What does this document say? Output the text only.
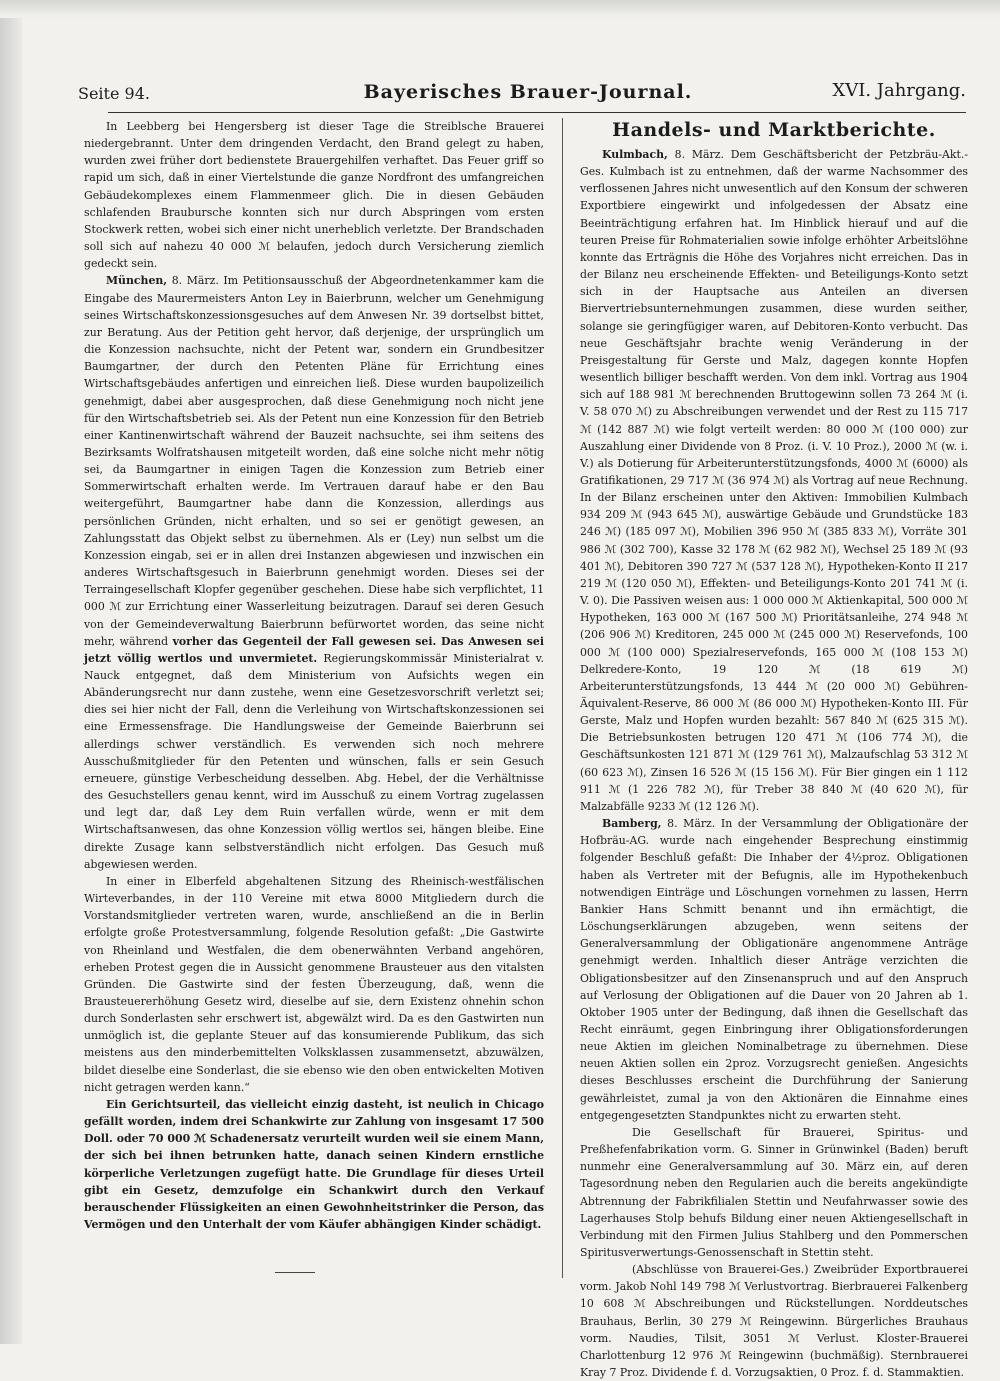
Seite 94.	Bayerisches Brauer-Journal.	XVI. Jahrgang.

In Leebberg bei Hengersberg ist dieser Tage die Streiblsche Brauerei niedergebrannt. Unter dem dringenden Verdacht, den Brand gelegt zu haben, wurden zwei früher dort bedienstete Brauergehilfen verhaftet. Das Feuer griff so rapid um sich, daß in einer Viertelstunde die ganze Nordfront des umfangreichen Gebäudekomplexes einem Flammenmeer glich. Die in diesen Gebäuden schlafenden Braubursche konnten sich nur durch Abspringen vom ersten Stockwerk retten, wobei sich einer nicht unerheblich verletzte. Der Brandschaden soll sich auf nahezu 40 000 ℳ belaufen, jedoch durch Versicherung ziemlich gedeckt sein.

München, 8. März. Im Petitionsausschuß der Abgeordnetenkammer kam die Eingabe des Maurermeisters Anton Ley in Baierbrunn, welcher um Genehmigung seines Wirtschaftskonzessionsgesuches auf dem Anwesen Nr. 39 dortselbst bittet, zur Beratung. Aus der Petition geht hervor, daß derjenige, der ursprünglich um die Konzession nachsuchte, nicht der Petent war, sondern ein Grundbesitzer Baumgartner, der durch den Petenten Pläne für Errichtung eines Wirtschaftsgebäudes anfertigen und einreichen ließ. Diese wurden baupolizeilich genehmigt, dabei aber ausgesprochen, daß diese Genehmigung noch nicht jene für den Wirtschaftsbetrieb sei. Als der Petent nun eine Konzession für den Betrieb einer Kantinenwirtschaft während der Bauzeit nachsuchte, sei ihm seitens des Bezirksamts Wolfratshausen mitgeteilt worden, daß eine solche nicht mehr nötig sei, da Baumgartner in einigen Tagen die Konzession zum Betrieb einer Sommerwirtschaft erhalten werde. Im Vertrauen darauf habe er den Bau weitergeführt, Baumgartner habe dann die Konzession, allerdings aus persönlichen Gründen, nicht erhalten, und so sei er genötigt gewesen, an Zahlungsstatt das Objekt selbst zu übernehmen. Als er (Ley) nun selbst um die Konzession eingab, sei er in allen drei Instanzen abgewiesen und inzwischen ein anderes Wirtschaftsgesuch in Baierbrunn genehmigt worden. Dieses sei der Terraingesellschaft Klopfer gegenüber geschehen. Diese habe sich verpflichtet, 11 000 ℳ zur Errichtung einer Wasserleitung beizutragen. Darauf sei deren Gesuch von der Gemeindeverwaltung Baierbrunn befürwortet worden, das seine nicht mehr, während vorher das Gegenteil der Fall gewesen sei. Das Anwesen sei jetzt völlig wertlos und unvermietet. Regierungskommissär Ministerialrat v. Nauck entgegnet, daß dem Ministerium von Aufsichts wegen ein Abänderungsrecht nur dann zustehe, wenn eine Gesetzesvorschrift verletzt sei; dies sei hier nicht der Fall, denn die Verleihung von Wirtschaftskonzessionen sei eine Ermessensfrage. Die Handlungsweise der Gemeinde Baierbrunn sei allerdings schwer verständlich. Es verwenden sich noch mehrere Ausschußmitglieder für den Petenten und wünschen, falls er sein Gesuch erneuere, günstige Verbescheidung desselben. Abg. Hebel, der die Verhältnisse des Gesuchstellers genau kennt, wird im Ausschuß zu einem Vortrag zugelassen und legt dar, daß Ley dem Ruin verfallen würde, wenn er mit dem Wirtschaftsanwesen, das ohne Konzession völlig wertlos sei, hängen bleibe. Eine direkte Zusage kann selbstverständlich nicht erfolgen. Das Gesuch muß abgewiesen werden.

In einer in Elberfeld abgehaltenen Sitzung des Rheinisch-westfälischen Wirteverbandes, in der 110 Vereine mit etwa 8000 Mitgliedern durch die Vorstandsmitglieder vertreten waren, wurde, anschließend an die in Berlin erfolgte große Protestversammlung, folgende Resolution gefaßt: „Die Gastwirte von Rheinland und Westfalen, die dem obenerwähnten Verband angehören, erheben Protest gegen die in Aussicht genommene Brausteuer aus den vitalsten Gründen. Die Gastwirte sind der festen Überzeugung, daß, wenn die Brausteuererhöhung Gesetz wird, dieselbe auf sie, dern Existenz ohnehin schon durch Sonderlasten sehr erschwert ist, abgewälzt wird. Da es den Gastwirten nun unmöglich ist, die geplante Steuer auf das konsumierende Publikum, das sich meistens aus den minderbemittelten Volksklassen zusammensetzt, abzuwälzen, bildet dieselbe eine Sonderlast, die sie ebenso wie den oben entwickelten Motiven nicht getragen werden kann.“

Ein Gerichtsurteil, das vielleicht einzig dasteht, ist neulich in Chicago gefällt worden, indem drei Schankwirte zur Zahlung von insgesamt 17 500 Doll. oder 70 000 ℳ Schadenersatz verurteilt wurden weil sie einem Mann, der sich bei ihnen betrunken hatte, danach seinen Kindern ernstliche körperliche Verletzungen zugefügt hatte. Die Grundlage für dieses Urteil gibt ein Gesetz, demzufolge ein Schankwirt durch den Verkauf berauschender Flüssigkeiten an einen Gewohnheitstrinker die Person, das Vermögen und den Unterhalt der vom Käufer abhängigen Kinder schädigt.

Handels- und Marktberichte.

Kulmbach, 8. März. Dem Geschäftsbericht der Petzbräu-Akt.-Ges. Kulmbach ist zu entnehmen, daß der warme Nachsommer des verflossenen Jahres nicht unwesentlich auf den Konsum der schweren Exportbiere eingewirkt und infolgedessen der Absatz eine Beeinträchtigung erfahren hat. Im Hinblick hierauf und auf die teuren Preise für Rohmaterialien sowie infolge erhöhter Arbeitslöhne konnte das Erträgnis die Höhe des Vorjahres nicht erreichen. Das in der Bilanz neu erscheinende Effekten- und Beteiligungs-Konto setzt sich in der Hauptsache aus Anteilen an diversen Biervertriebsunternehmungen zusammen, diese wurden seither, solange sie geringfügiger waren, auf Debitoren-Konto verbucht. Das neue Geschäftsjahr brachte wenig Veränderung in der Preisgestaltung für Gerste und Malz, dagegen konnte Hopfen wesentlich billiger beschafft werden. Von dem inkl. Vortrag aus 1904 sich auf 188 981 ℳ berechnenden Bruttogewinn sollen 73 264 ℳ (i. V. 58 070 ℳ) zu Abschreibungen verwendet und der Rest zu 115 717 ℳ (142 887 ℳ) wie folgt verteilt werden: 80 000 ℳ (100 000) zur Auszahlung einer Dividende von 8 Proz. (i. V. 10 Proz.), 2000 ℳ (w. i. V.) als Dotierung für Arbeiterunterstützungsfonds, 4000 ℳ (6000) als Gratifikationen, 29 717 ℳ (36 974 ℳ) als Vortrag auf neue Rechnung. In der Bilanz erscheinen unter den Aktiven: Immobilien Kulmbach 934 209 ℳ (943 645 ℳ), auswärtige Gebäude und Grundstücke 183 246 ℳ) (185 097 ℳ), Mobilien 396 950 ℳ (385 833 ℳ), Vorräte 301 986 ℳ (302 700), Kasse 32 178 ℳ (62 982 ℳ), Wechsel 25 189 ℳ (93 401 ℳ), Debitoren 390 727 ℳ (537 128 ℳ), Hypotheken-Konto II 217 219 ℳ (120 050 ℳ), Effekten- und Beteiligungs-Konto 201 741 ℳ (i. V. 0). Die Passiven weisen aus: 1 000 000 ℳ Aktienkapital, 500 000 ℳ Hypotheken, 163 000 ℳ (167 500 ℳ) Prioritätsanleihe, 274 948 ℳ (206 906 ℳ) Kreditoren, 245 000 ℳ (245 000 ℳ) Reservefonds, 100 000 ℳ (100 000) Spezialreservefonds, 165 000 ℳ (108 153 ℳ) Delkredere-Konto, 19 120 ℳ (18 619 ℳ) Arbeiterunterstützungsfonds, 13 444 ℳ (20 000 ℳ) Gebühren-Äquivalent-Reserve, 86 000 ℳ (86 000 ℳ) Hypotheken-Konto III. Für Gerste, Malz und Hopfen wurden bezahlt: 567 840 ℳ (625 315 ℳ). Die Betriebsunkosten betrugen 120 471 ℳ (106 774 ℳ), die Geschäftsunkosten 121 871 ℳ (129 761 ℳ), Malzaufschlag 53 312 ℳ (60 623 ℳ), Zinsen 16 526 ℳ (15 156 ℳ). Für Bier gingen ein 1 112 911 ℳ (1 226 782 ℳ), für Treber 38 840 ℳ (40 620 ℳ), für Malzabfälle 9233 ℳ (12 126 ℳ).

Bamberg, 8. März. In der Versammlung der Obligationäre der Hofbräu-AG. wurde nach eingehender Besprechung einstimmig folgender Beschluß gefaßt: Die Inhaber der 4½proz. Obligationen haben als Vertreter mit der Befugnis, alle im Hypothekenbuch notwendigen Einträge und Löschungen vornehmen zu lassen, Herrn Bankier Hans Schmitt benannt und ihn ermächtigt, die Löschungserklärungen abzugeben, wenn seitens der Generalversammlung der Obligationäre angenommene Anträge genehmigt werden. Inhaltlich dieser Anträge verzichten die Obligationsbesitzer auf den Zinsenanspruch und auf den Anspruch auf Verlosung der Obligationen auf die Dauer von 20 Jahren ab 1. Oktober 1905 unter der Bedingung, daß ihnen die Gesellschaft das Recht einräumt, gegen Einbringung ihrer Obligationsforderungen neue Aktien im gleichen Nominalbetrage zu übernehmen. Diese neuen Aktien sollen ein 2proz. Vorzugsrecht genießen. Angesichts dieses Beschlusses erscheint die Durchführung der Sanierung gewährleistet, zumal ja von den Aktionären die Einnahme eines entgegengesetzten Standpunktes nicht zu erwarten steht.

Die Gesellschaft für Brauerei, Spiritus- und Preßhefenfabrikation vorm. G. Sinner in Grünwinkel (Baden) beruft nunmehr eine Generalversammlung auf 30. März ein, auf deren Tagesordnung neben den Regularien auch die bereits angekündigte Abtrennung der Fabrikfilialen Stettin und Neufahrwasser sowie des Lagerhauses Stolp behufs Bildung einer neuen Aktiengesellschaft in Verbindung mit den Firmen Julius Stahlberg und den Pommerschen Spiritusverwertungs-Genossenschaft in Stettin steht.

(Abschlüsse von Brauerei-Ges.) Zweibrüder Exportbrauerei vorm. Jakob Nohl 149 798 ℳ Verlustvortrag. Bierbrauerei Falkenberg 10 608 ℳ Abschreibungen und Rückstellungen. Norddeutsches Brauhaus, Berlin, 30 279 ℳ Reingewinn. Bürgerliches Brauhaus vorm. Naudies, Tilsit, 3051 ℳ Verlust. Kloster-Brauerei Charlottenburg 12 976 ℳ Reingewinn (buchmäßig). Sternbrauerei Kray 7 Proz. Dividende f. d. Vorzugsaktien, 0 Proz. f. d. Stammaktien.
